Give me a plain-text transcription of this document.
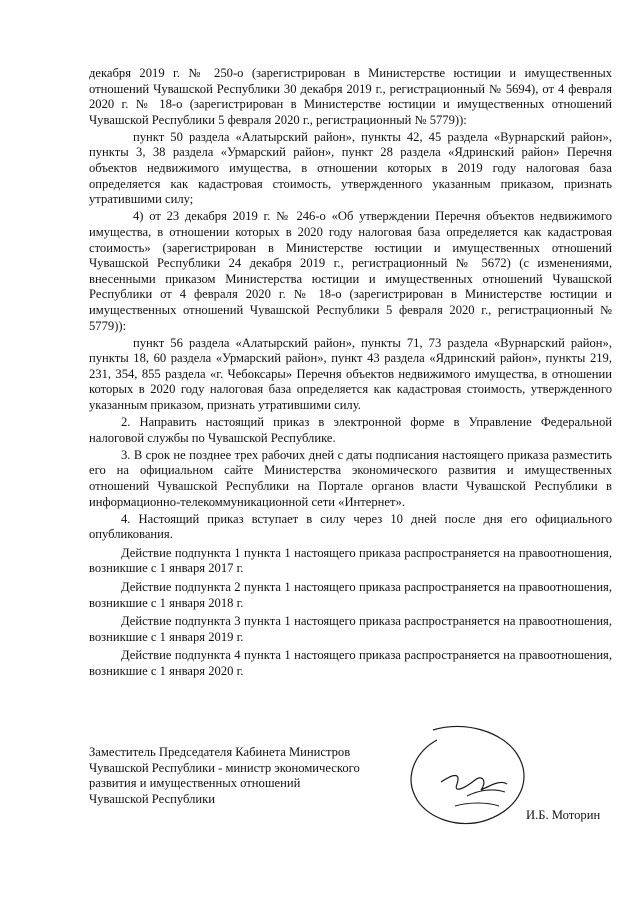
декабря 2019 г. № 250-о (зарегистрирован в Министерстве юстиции и имущественных отношений Чувашской Республики 30 декабря 2019 г., регистрационный № 5694), от 4 февраля 2020 г. № 18-о (зарегистрирован в Министерстве юстиции и имущественных отношений Чувашской Республики 5 февраля 2020 г., регистрационный № 5779)):

пункт 50 раздела «Алатырский район», пункты 42, 45 раздела «Вурнарский район», пункты 3, 38 раздела «Урмарский район», пункт 28 раздела «Ядринский район» Перечня объектов недвижимого имущества, в отношении которых в 2019 году налоговая база определяется как кадастровая стоимость, утвержденного указанным приказом, признать утратившими силу;

4) от 23 декабря 2019 г. № 246-о «Об утверждении Перечня объектов недвижимого имущества, в отношении которых в 2020 году налоговая база определяется как кадастровая стоимость» (зарегистрирован в Министерстве юстиции и имущественных отношений Чувашской Республики 24 декабря 2019 г., регистрационный № 5672) (с изменениями, внесенными приказом Министерства юстиции и имущественных отношений Чувашской Республики от 4 февраля 2020 г. № 18-о (зарегистрирован в Министерстве юстиции и имущественных отношений Чувашской Республики 5 февраля 2020 г., регистрационный № 5779)):

пункт 56 раздела «Алатырский район», пункты 71, 73 раздела «Вурнарский район», пункты 18, 60 раздела «Урмарский район», пункт 43 раздела «Ядринский район», пункты 219, 231, 354, 855 раздела «г. Чебоксары» Перечня объектов недвижимого имущества, в отношении которых в 2020 году налоговая база определяется как кадастровая стоимость, утвержденного указанным приказом, признать утратившими силу.

2. Направить настоящий приказ в электронной форме в Управление Федеральной налоговой службы по Чувашской Республике.

3. В срок не позднее трех рабочих дней с даты подписания настоящего приказа разместить его на официальном сайте Министерства экономического развития и имущественных отношений Чувашской Республики на Портале органов власти Чувашской Республики в информационно-телекоммуникационной сети «Интернет».

4. Настоящий приказ вступает в силу через 10 дней после дня его официального опубликования.

Действие подпункта 1 пункта 1 настоящего приказа распространяется на правоотношения, возникшие с 1 января 2017 г.

Действие подпункта 2 пункта 1 настоящего приказа распространяется на правоотношения, возникшие с 1 января 2018 г.

Действие подпункта 3 пункта 1 настоящего приказа распространяется на правоотношения, возникшие с 1 января 2019 г.

Действие подпункта 4 пункта 1 настоящего приказа распространяется на правоотношения, возникшие с 1 января 2020 г.

Заместитель Председателя Кабинета Министров
Чувашской Республики - министр экономического
развития и имущественных отношений
Чувашской Республики
И.Б. Моторин
